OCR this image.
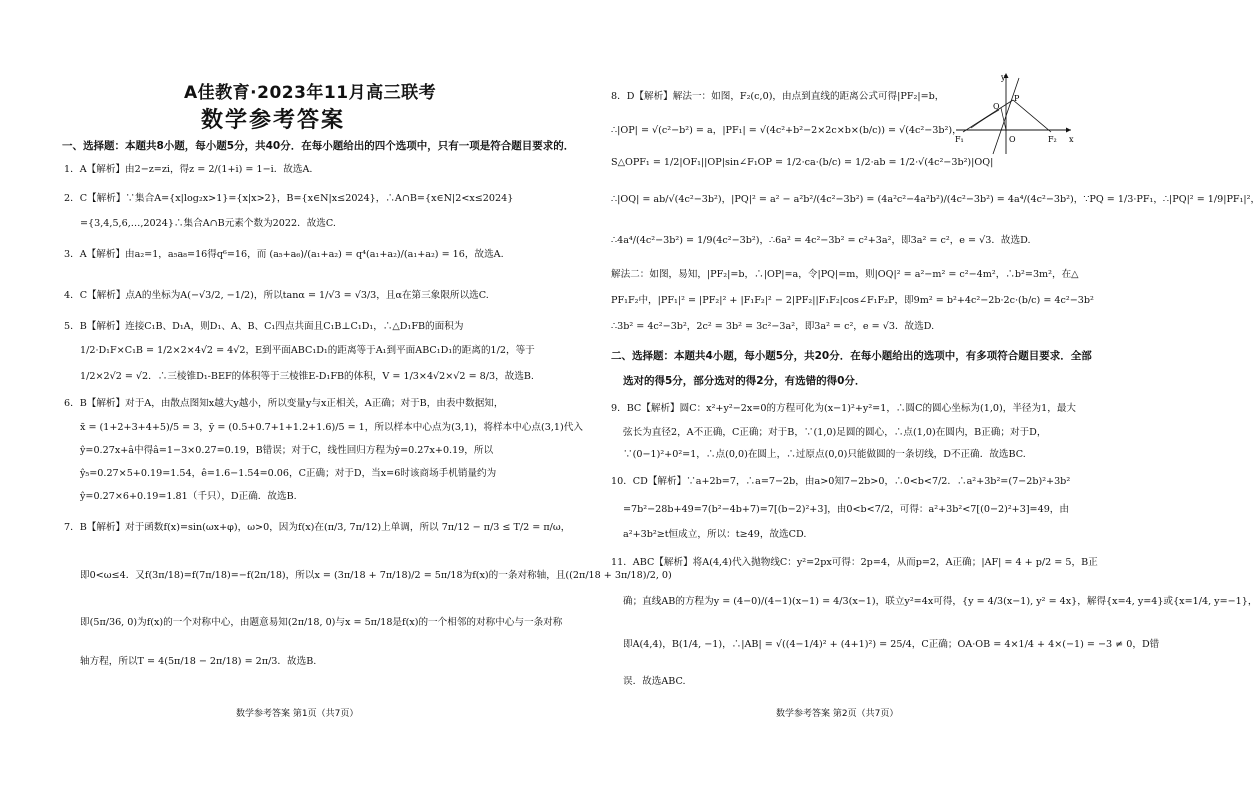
A佳教育·2023年11月高三联考
数学参考答案
一、选择题：本题共8小题，每小题5分，共40分．在每小题给出的四个选项中，只有一项是符合题目要求的．
1．A【解析】由2−z=zi，得z = 2/(1+i) = 1−i．故选A.
2．C【解析】∵集合A={x|log₂x>1}={x|x>2}，B={x∈N|x≤2024}，∴A∩B={x∈N|2<x≤2024}
={3,4,5,6,…,2024}∴集合A∩B元素个数为2022．故选C.
3．A【解析】由a₂=1，a₅a₈=16得q⁶=16，而 (a₅+a₆)/(a₁+a₂) = q⁴(a₁+a₂)/(a₁+a₂) = 16，故选A.
4．C【解析】点A的坐标为A(−√3/2, −1/2)，所以tanα = 1/√3 = √3/3，且α在第三象限所以选C.
5．B【解析】连接C₁B、D₁A，则D₁、A、B、C₁四点共面且C₁B⊥C₁D₁，∴△D₁FB的面积为
1/2·D₁F×C₁B = 1/2×2×4√2 = 4√2，E到平面ABC₁D₁的距离等于A₁到平面ABC₁D₁的距离的1/2，等于
1/2×2√2 = √2．∴三棱锥D₁-BEF的体积等于三棱锥E-D₁FB的体积，V = 1/3×4√2×√2 = 8/3，故选B.
6．B【解析】对于A，由散点图知x越大y越小，所以变量y与x正相关，A正确；对于B，由表中数据知，
x̄ = (1+2+3+4+5)/5 = 3，ȳ = (0.5+0.7+1+1.2+1.6)/5 = 1，所以样本中心点为(3,1)，将样本中心点(3,1)代入
ŷ=0.27x+â中得â=1−3×0.27=0.19，B错误；对于C，线性回归方程为ŷ=0.27x+0.19，所以
ŷ₅=0.27×5+0.19=1.54，ê=1.6−1.54=0.06，C正确；对于D，当x=6时该商场手机销量约为
ŷ=0.27×6+0.19=1.81（千只），D正确．故选B.
7．B【解析】对于函数f(x)=sin(ωx+φ)，ω>0，因为f(x)在(π/3, 7π/12)上单调，所以 7π/12 − π/3 ≤ T/2 = π/ω，
即0<ω≤4．又f(3π/18)=f(7π/18)=−f(2π/18)，所以x = (3π/18 + 7π/18)/2 = 5π/18为f(x)的一条对称轴，且((2π/18 + 3π/18)/2, 0)
即(5π/36, 0)为f(x)的一个对称中心，由题意易知(2π/18, 0)与x = 5π/18是f(x)的一个相邻的对称中心与一条对称
轴方程，所以T = 4(5π/18 − 2π/18) = 2π/3．故选B.
数学参考答案 第1页（共7页）
8．D【解析】解法一：如图，F₂(c,0)，由点到直线的距离公式可得|PF₂|=b，
∴|OP| = √(c²−b²) = a，|PF₁| = √(4c²+b²−2×2c×b×(b/c)) = √(4c²−3b²)，
S△OPF₁ = 1/2|OF₁||OP|sin∠F₁OP = 1/2·ca·(b/c) = 1/2·ab = 1/2·√(4c²−3b²)|OQ|
∴|OQ| = ab/√(4c²−3b²)，|PQ|² = a² − a²b²/(4c²−3b²) = (4a²c²−4a²b²)/(4c²−3b²) = 4a⁴/(4c²−3b²)，∵PQ = 1/3·PF₁，∴|PQ|² = 1/9|PF₁|²，
∴4a⁴/(4c²−3b²) = 1/9(4c²−3b²)，∴6a² = 4c²−3b² = c²+3a²，即3a² = c²，e = √3．故选D.
解法二：如图，易知，|PF₂|=b，∴|OP|=a，令|PQ|=m，则|OQ|² = a²−m² = c²−4m²，∴b²=3m²，在△
PF₁F₂中，|PF₁|² = |PF₂|² + |F₁F₂|² − 2|PF₂||F₁F₂|cos∠F₁F₂P，即9m² = b²+4c²−2b·2c·(b/c) = 4c²−3b²
∴3b² = 4c²−3b²，2c² = 3b² = 3c²−3a²，即3a² = c²，e = √3．故选D.
二、选择题：本题共4小题，每小题5分，共20分．在每小题给出的选项中，有多项符合题目要求．全部
选对的得5分，部分选对的得2分，有选错的得0分．
9．BC【解析】圆C：x²+y²−2x=0的方程可化为(x−1)²+y²=1，∴圆C的圆心坐标为(1,0)，半径为1，最大
弦长为直径2，A不正确，C正确；对于B，∵(1,0)足圆的圆心，∴点(1,0)在圆内，B正确；对于D，
∵(0−1)²+0²=1，∴点(0,0)在圆上，∴过原点(0,0)只能做圆的一条切线，D不正确．故选BC.
10．CD【解析】∵a+2b=7，∴a=7−2b，由a>0知7−2b>0，∴0<b<7/2．∴a²+3b²=(7−2b)²+3b²
=7b²−28b+49=7(b²−4b+7)=7[(b−2)²+3]，由0<b<7/2，可得：a²+3b²<7[(0−2)²+3]=49，由
a²+3b²≥t恒成立，所以：t≥49，故选CD.
11．ABC【解析】将A(4,4)代入抛物线C：y²=2px可得：2p=4，从而p=2，A正确；|AF| = 4 + p/2 = 5，B正
确；直线AB的方程为y = (4−0)/(4−1)(x−1) = 4/3(x−1)，联立y²=4x可得，{y = 4/3(x−1), y² = 4x}，解得{x=4, y=4}或{x=1/4, y=−1}，
即A(4,4)，B(1/4, −1)，∴|AB| = √((4−1/4)² + (4+1)²) = 25/4，C正确；OA·OB = 4×1/4 + 4×(−1) = −3 ≠ 0，D错
误．故选ABC.
数学参考答案 第2页（共7页）
y
Q
P
F₁	O	F₂ x
